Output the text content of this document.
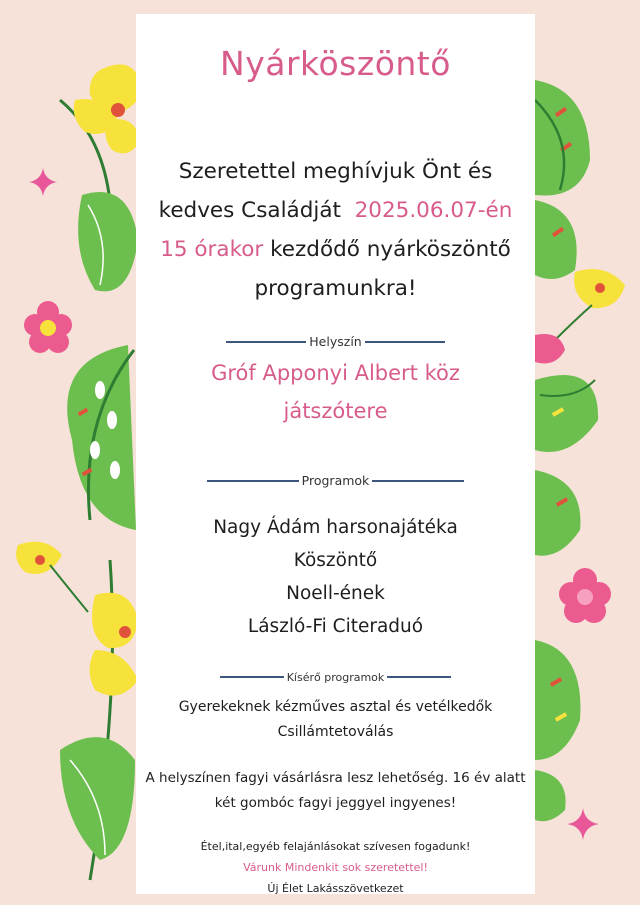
Nyárköszöntő
Szeretettel meghívjuk Önt és
kedves Családját 2025.06.07-én
15 órakor kezdődő nyárköszöntő
programunkra!
Helyszín
Gróf Apponyi Albert köz
játszótere
Programok
Nagy Ádám harsonajátéka
Köszöntő
Noell-ének
László-Fi Citeraduó
Kísérő programok
Gyerekeknek kézműves asztal és vetélkedők
Csillámtetoválás
A helyszínen fagyi vásárlásra lesz lehetőség. 16 év alatt
két gombóc fagyi jeggyel ingyenes!
Étel,ital,egyéb felajánlásokat szívesen fogadunk!
Várunk Mindenkit sok szeretettel!
Új Élet Lakásszövetkezet
